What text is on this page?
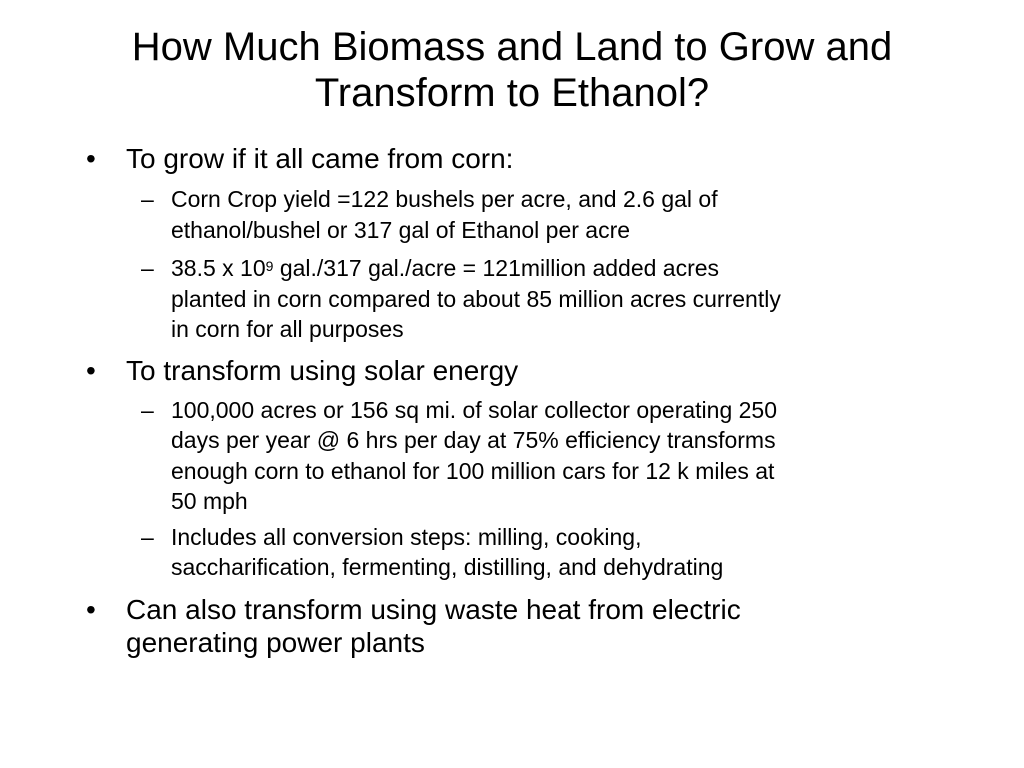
How Much Biomass and Land to Grow and
Transform to Ethanol?
• To grow if it all came from corn:
– Corn Crop yield =122 bushels per acre, and 2.6 gal of
ethanol/bushel or 317 gal of Ethanol per acre
– 38.5 x $10^9$ gal./317 gal./acre = 121million added acres
planted in corn compared to about 85 million acres currently
in corn for all purposes
• To transform using solar energy
– 100,000 acres or 156 sq mi. of solar collector operating 250
days per year @ 6 hrs per day at 75% efficiency transforms
enough corn to ethanol for 100 million cars for 12 k miles at
50 mph
– Includes all conversion steps: milling, cooking,
saccharification, fermenting, distilling, and dehydrating
• Can also transform using waste heat from electric
generating power plants
